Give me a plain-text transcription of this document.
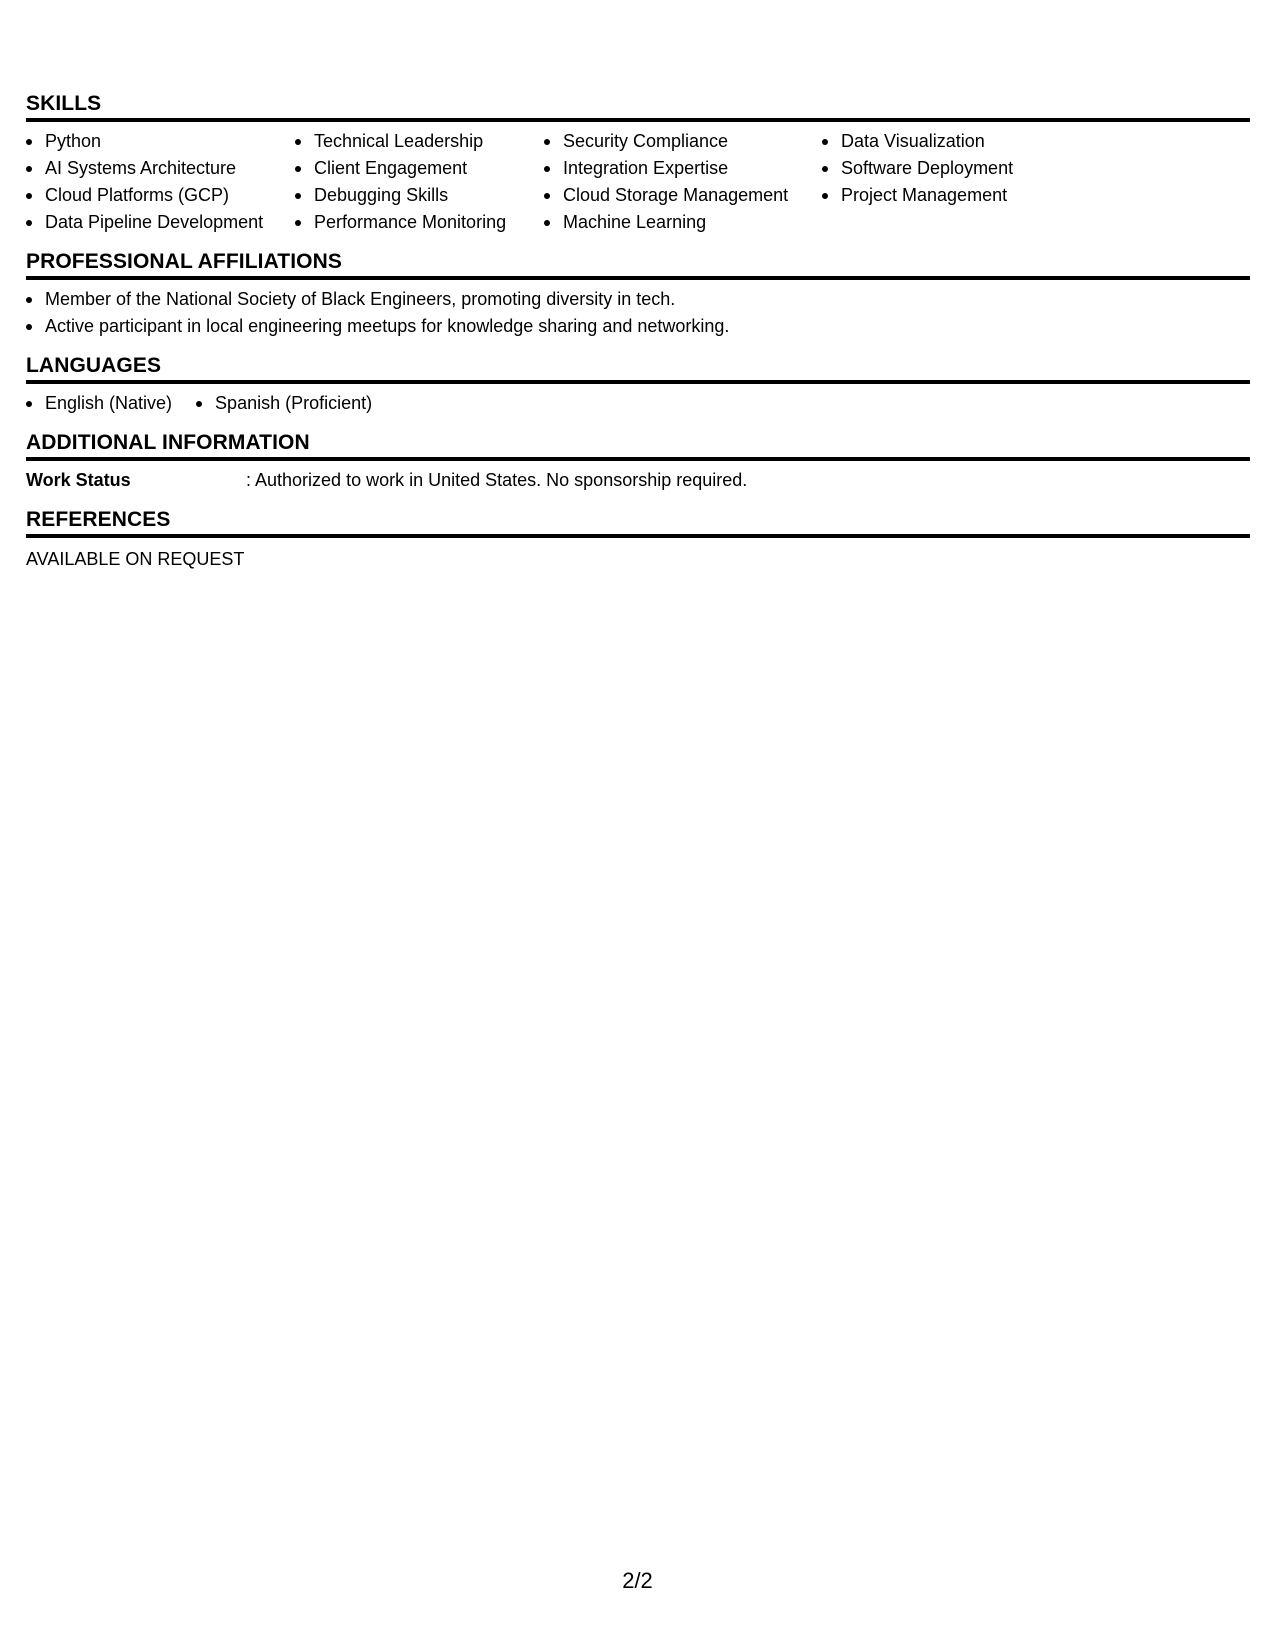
SKILLS
Python
AI Systems Architecture
Cloud Platforms (GCP)
Data Pipeline Development
Technical Leadership
Client Engagement
Debugging Skills
Performance Monitoring
Security Compliance
Integration Expertise
Cloud Storage Management
Machine Learning
Data Visualization
Software Deployment
Project Management
PROFESSIONAL AFFILIATIONS
Member of the National Society of Black Engineers, promoting diversity in tech.
Active participant in local engineering meetups for knowledge sharing and networking.
LANGUAGES
English (Native)	Spanish (Proficient)
ADDITIONAL INFORMATION
Work Status	: Authorized to work in United States. No sponsorship required.
REFERENCES
AVAILABLE ON REQUEST
2/2
